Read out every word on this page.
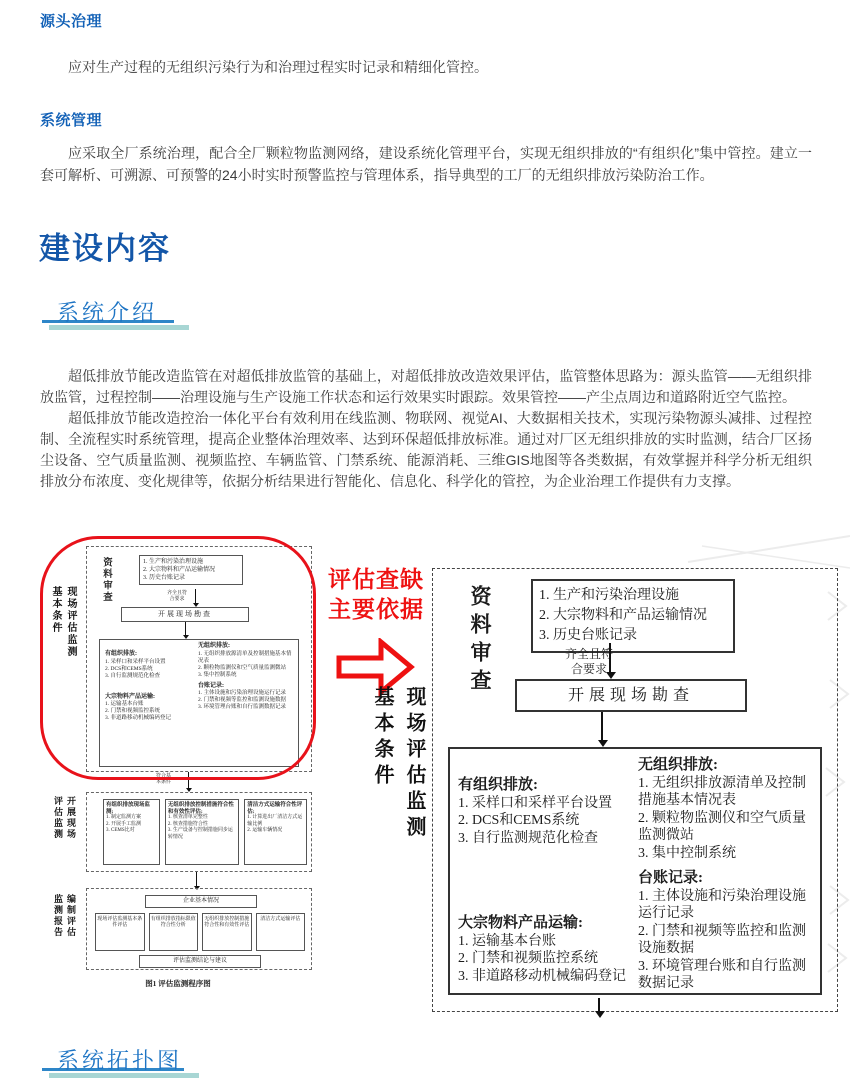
源头治理

应对生产过程的无组织污染行为和治理过程实时记录和精细化管控。

系统管理

应采取全厂系统治理，配合全厂颗粒物监测网络，建设系统化管理平台，实现无组织排放的“有组织化”集中管控。建立一套可解析、可溯源、可预警的24小时实时预警监控与管理体系，指导典型的工厂的无组织排放污染防治工作。

建设内容
系统介绍

超低排放节能改造监管在对超低排放监管的基础上，对超低排放改造效果评估，监管整体思路为：源头监管——无组织排放监管，过程控制——治理设施与生产设施工作状态和运行效果实时跟踪。效果管控——产尘点周边和道路附近空气监控。

超低排放节能改造控治一体化平台有效利用在线监测、物联网、视觉AI、大数据相关技术，实现污染物源头减排、过程控制、全流程实时系统管理，提高企业整体治理效率、达到环保超低排放标准。通过对厂区无组织排放的实时监测，结合厂区扬尘设备、空气质量监测、视频监控、车辆监管、门禁系统、能源消耗、三维GIS地图等各类数据，有效掌握并科学分析无组织排放分布浓度、变化规律等，依据分析结果进行智能化、信息化、科学化的管控，为企业治理工作提供有力支撑。

现场评估监测
基本条件
资料审查	1. 生产和污染治理设施
2. 大宗物料和产品运输情况
3. 历史台账记录
齐全且符
合要求
开展现场勘查
有组织排放:
1. 采样口和采样平台设置
2. DCS和CEMS系统
3. 自行监测规范化检查
大宗物料产品运输:
1. 运输基本台账
2. 门禁和视频监控系统
3. 非道路移动机械编码登记
无组织排放:
1. 无组织排放源清单及控制措施基本情况表
2. 颗粒物监测仪和空气质量监测微站
3. 集中控制系统
台账记录:
1. 主体设施和污染治理设施运行记录
2. 门禁和视频等监控和监测设施数据
3. 环境管理台账和自行监测数据记录
符合基
本条件
开展现场
评估监测	有组织排放现场监测:
1. 制定监测方案
2. 开展手工监测
3. CEMS比对
无组织排放控制措施符合性和有效性评估:
1. 核查清单完整性
2. 核查措施符合性
3. 生产设备与控制措施同步运转情况
清洁方式运输符合性评估:
1. 计算进出厂清洁方式运输比例
2. 运输车辆情况
编制评估
监测报告	企业基本情况
现场评估监测基本条件评估
有组织排放指标限值符合性分析
无组织排放控制措施符合性和有效性评估
清洁方式运输评估
评估监测结论与建议
图1 评估监测程序图
评估查缺
主要依据
现场评估监测
基本条件
资料审查	1. 生产和污染治理设施
2. 大宗物料和产品运输情况
3. 历史台账记录
齐全且符
合要求
开展现场勘查
有组织排放:
1. 采样口和采样平台设置
2. DCS和CEMS系统
3. 自行监测规范化检查
大宗物料产品运输:
1. 运输基本台账
2. 门禁和视频监控系统
3. 非道路移动机械编码登记
无组织排放:
1. 无组织排放源清单及控制措施基本情况表
2. 颗粒物监测仪和空气质量监测微站
3. 集中控制系统
台账记录:
1. 主体设施和污染治理设施运行记录
2. 门禁和视频等监控和监测设施数据
3. 环境管理台账和自行监测数据记录
系统拓扑图
